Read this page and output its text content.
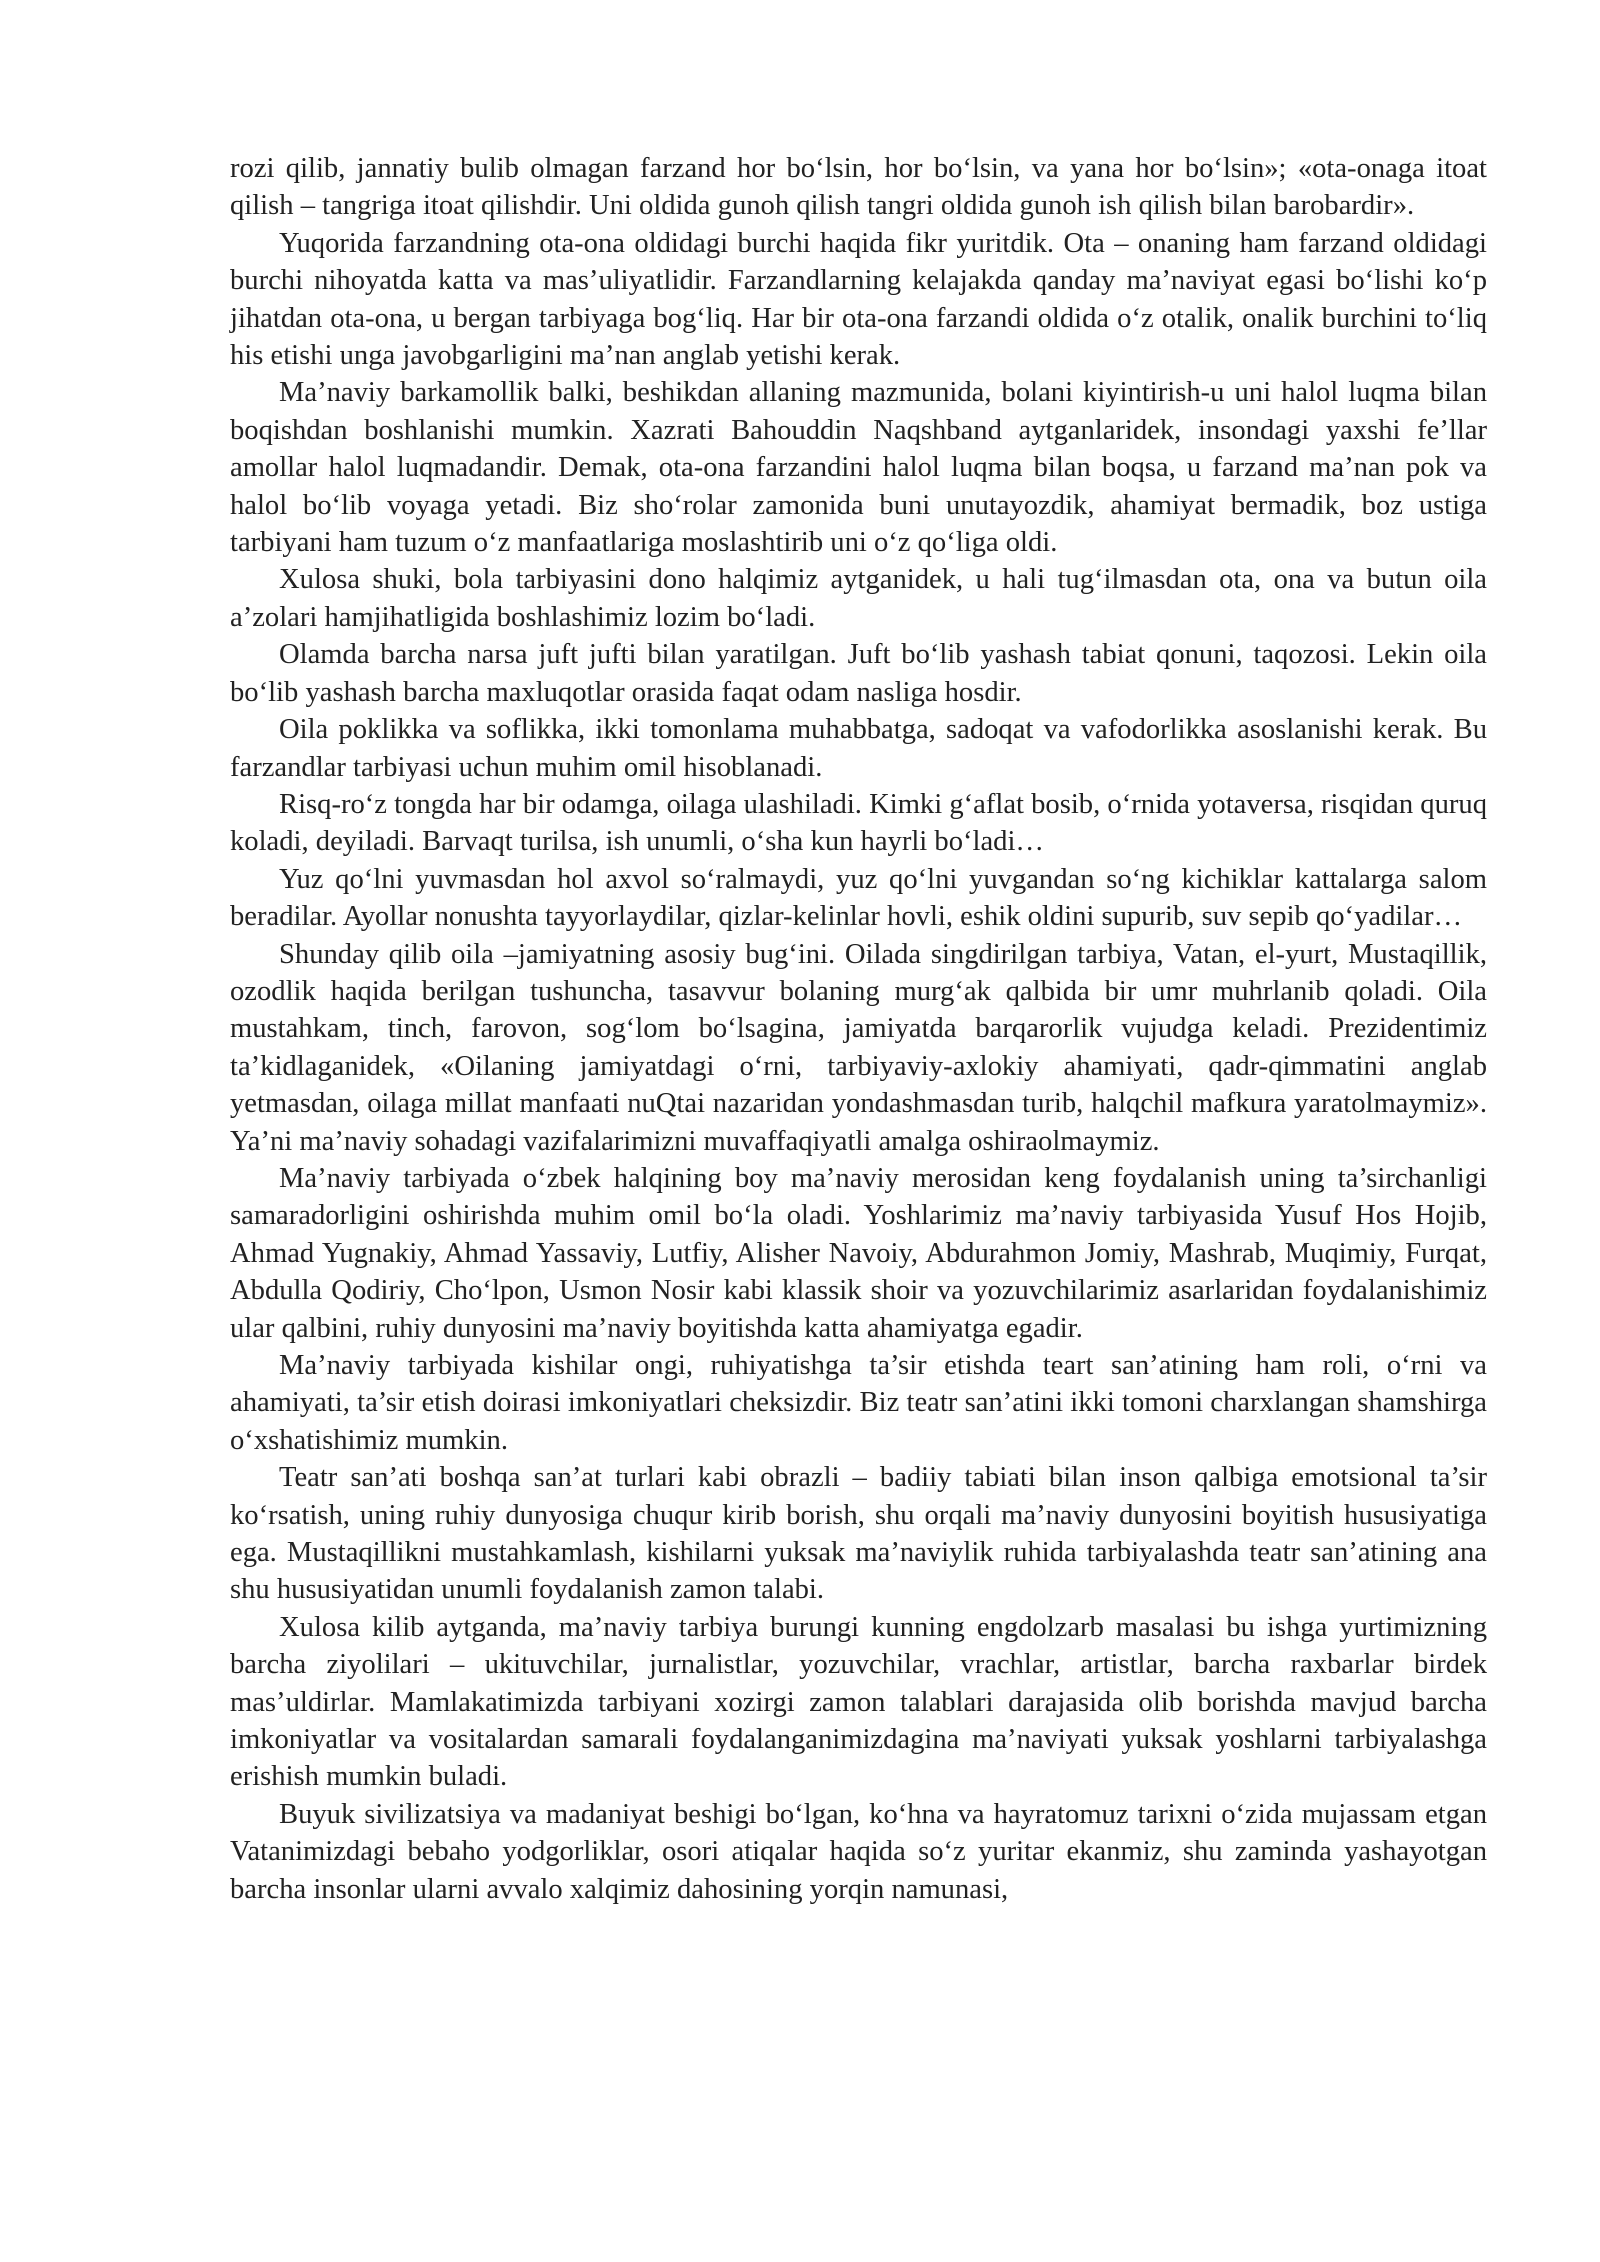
rozi qilib, jannatiy bulib olmagan farzand hor bo‘lsin, hor bo‘lsin, va yana hor bo‘lsin»; «ota-onaga itoat qilish – tangriga itoat qilishdir. Uni oldida gunoh qilish tangri oldida gunoh ish qilish bilan barobardir».

Yuqorida farzandning ota-ona oldidagi burchi haqida fikr yuritdik. Ota – onaning ham farzand oldidagi burchi nihoyatda katta va mas’uliyatlidir. Farzandlarning kelajakda qanday ma’naviyat egasi bo‘lishi ko‘p jihatdan ota-ona, u bergan tarbiyaga bog‘liq. Har bir ota-ona farzandi oldida o‘z otalik, onalik burchini to‘liq his etishi unga javobgarligini ma’nan anglab yetishi kerak.

Ma’naviy barkamollik balki, beshikdan allaning mazmunida, bolani kiyintirish-u uni halol luqma bilan boqishdan boshlanishi mumkin. Xazrati Bahouddin Naqshband aytganlaridek, insondagi yaxshi fe’llar amollar halol luqmadandir. Demak, ota-ona farzandini halol luqma bilan boqsa, u farzand ma’nan pok va halol bo‘lib voyaga yetadi. Biz sho‘rolar zamonida buni unutayozdik, ahamiyat bermadik, boz ustiga tarbiyani ham tuzum o‘z manfaatlariga moslashtirib uni o‘z qo‘liga oldi.

Xulosa shuki, bola tarbiyasini dono halqimiz aytganidek, u hali tug‘ilmasdan ota, ona va butun oila a’zolari hamjihatligida boshlashimiz lozim bo‘ladi.

Olamda barcha narsa juft jufti bilan yaratilgan. Juft bo‘lib yashash tabiat qonuni, taqozosi. Lekin oila bo‘lib yashash barcha maxluqotlar orasida faqat odam nasliga hosdir.

Oila poklikka va soflikka, ikki tomonlama muhabbatga, sadoqat va vafodorlikka asoslanishi kerak. Bu farzandlar tarbiyasi uchun muhim omil hisoblanadi.

Risq-ro‘z tongda har bir odamga, oilaga ulashiladi. Kimki g‘aflat bosib, o‘rnida yotaversa, risqidan quruq koladi, deyiladi. Barvaqt turilsa, ish unumli, o‘sha kun hayrli bo‘ladi…

Yuz qo‘lni yuvmasdan hol axvol so‘ralmaydi, yuz qo‘lni yuvgandan so‘ng kichiklar kattalarga salom beradilar. Ayollar nonushta tayyorlaydilar, qizlar-kelinlar hovli, eshik oldini supurib, suv sepib qo‘yadilar…

Shunday qilib oila –jamiyatning asosiy bug‘ini. Oilada singdirilgan tarbiya, Vatan, el-yurt, Mustaqillik, ozodlik haqida berilgan tushuncha, tasavvur bolaning murg‘ak qalbida bir umr muhrlanib qoladi. Oila mustahkam, tinch, farovon, sog‘lom bo‘lsagina, jamiyatda barqarorlik vujudga keladi. Prezidentimiz ta’kidlaganidek, «Oilaning jamiyatdagi o‘rni, tarbiyaviy-axlokiy ahamiyati, qadr-qimmatini anglab yetmasdan, oilaga millat manfaati nuQtai nazaridan yondashmasdan turib, halqchil mafkura yaratolmaymiz». Ya’ni ma’naviy sohadagi vazifalarimizni muvaffaqiyatli amalga oshiraolmaymiz.

Ma’naviy tarbiyada o‘zbek halqining boy ma’naviy merosidan keng foydalanish uning ta’sirchanligi samaradorligini oshirishda muhim omil bo‘la oladi. Yoshlarimiz ma’naviy tarbiyasida Yusuf Hos Hojib, Ahmad Yugnakiy, Ahmad Yassaviy, Lutfiy, Alisher Navoiy, Abdurahmon Jomiy, Mashrab, Muqimiy, Furqat, Abdulla Qodiriy, Cho‘lpon, Usmon Nosir kabi klassik shoir va yozuvchilarimiz asarlaridan foydalanishimiz ular qalbini, ruhiy dunyosini ma’naviy boyitishda katta ahamiyatga egadir.

Ma’naviy tarbiyada kishilar ongi, ruhiyatishga ta’sir etishda teart san’atining ham roli, o‘rni va ahamiyati, ta’sir etish doirasi imkoniyatlari cheksizdir. Biz teatr san’atini ikki tomoni charxlangan shamshirga o‘xshatishimiz mumkin.

Teatr san’ati boshqa san’at turlari kabi obrazli – badiiy tabiati bilan inson qalbiga emotsional ta’sir ko‘rsatish, uning ruhiy dunyosiga chuqur kirib borish, shu orqali ma’naviy dunyosini boyitish hususiyatiga ega. Mustaqillikni mustahkamlash, kishilarni yuksak ma’naviylik ruhida tarbiyalashda teatr san’atining ana shu hususiyatidan unumli foydalanish zamon talabi.

Xulosa kilib aytganda, ma’naviy tarbiya burungi kunning engdolzarb masalasi bu ishga yurtimizning barcha ziyolilari – ukituvchilar, jurnalistlar, yozuvchilar, vrachlar, artistlar, barcha raxbarlar birdek mas’uldirlar. Mamlakatimizda tarbiyani xozirgi zamon talablari darajasida olib borishda mavjud barcha imkoniyatlar va vositalardan samarali foydalanganimizdagina ma’naviyati yuksak yoshlarni tarbiyalashga erishish mumkin buladi.

Buyuk sivilizatsiya va madaniyat beshigi bo‘lgan, ko‘hna va hayratomuz tarixni o‘zida mujassam etgan Vatanimizdagi bebaho yodgorliklar, osori atiqalar haqida so‘z yuritar ekanmiz, shu zaminda yashayotgan barcha insonlar ularni avvalo xalqimiz dahosining yorqin namunasi,
